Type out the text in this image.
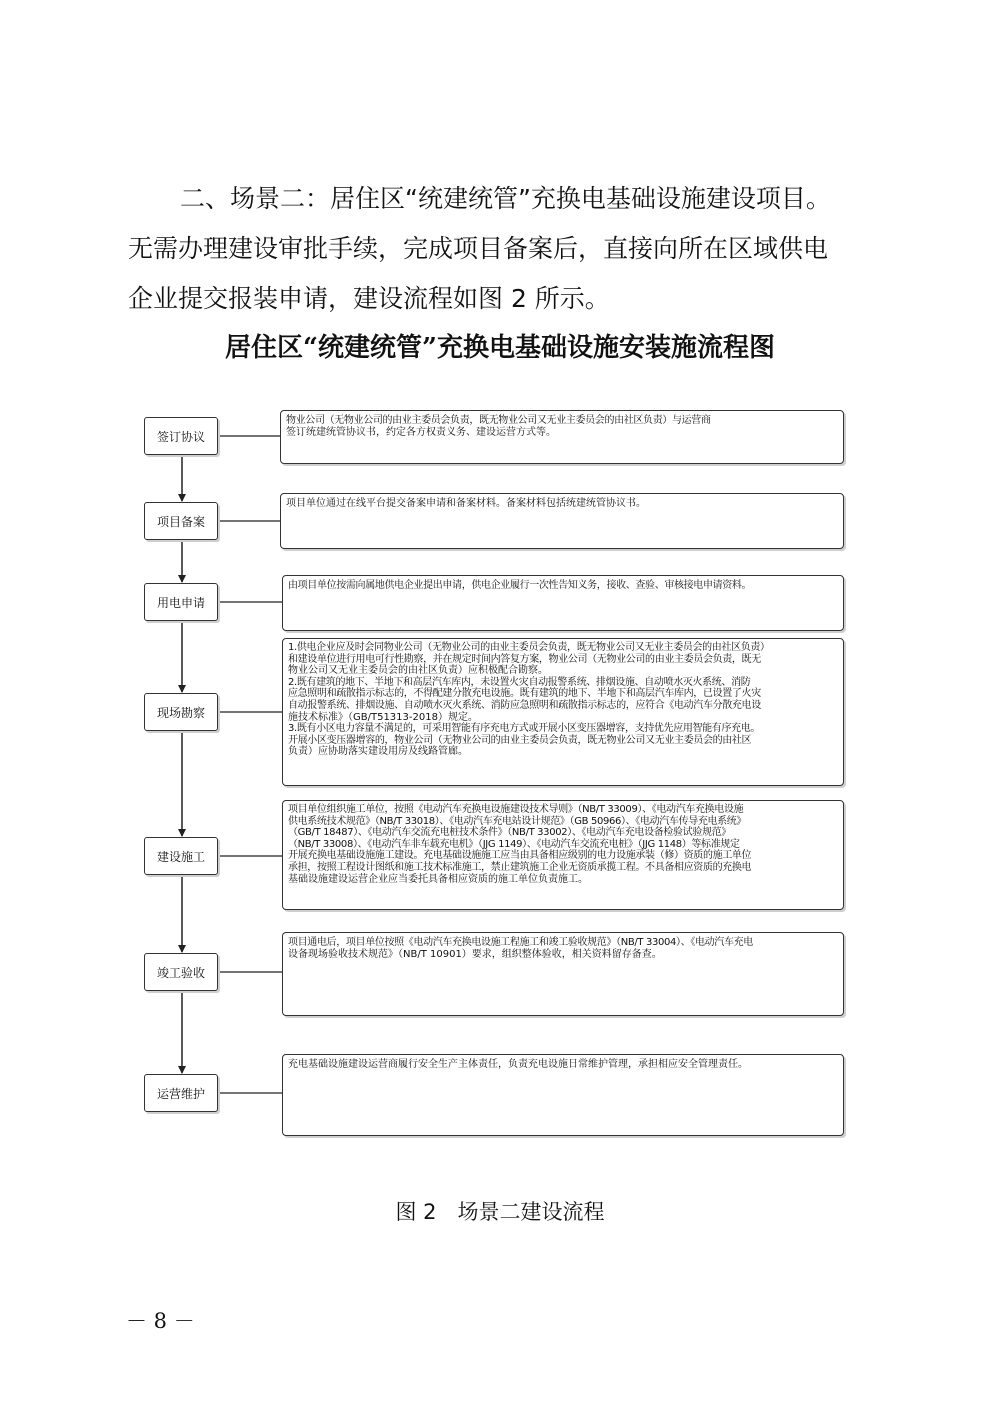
二、场景二：居住区“统建统管”充换电基础设施建设项目。
无需办理建设审批手续，完成项目备案后，直接向所在区域供电
企业提交报装申请，建设流程如图 2 所示。
居住区“统建统管”充换电基础设施安装施流程图
签订协议
项目备案
用电申请
现场勘察
建设施工
竣工验收
运营维护
物业公司（无物业公司的由业主委员会负责，既无物业公司又无业主委员会的由社区负责）与运营商
签订统建统管协议书，约定各方权责义务、建设运营方式等。
项目单位通过在线平台提交备案申请和备案材料。备案材料包括统建统管协议书。
由项目单位按需向属地供电企业提出申请，供电企业履行一次性告知义务，接收、查验、审核接电申请资料。
1.供电企业应及时会同物业公司（无物业公司的由业主委员会负责，既无物业公司又无业主委员会的由社区负责）
和建设单位进行用电可行性勘察，并在规定时间内答复方案，物业公司（无物业公司的由业主委员会负责，既无
物业公司又无业主委员会的由社区负责）应积极配合勘察。
2.既有建筑的地下、半地下和高层汽车库内，未设置火灾自动报警系统、排烟设施、自动喷水灭火系统、消防
应急照明和疏散指示标志的，不得配建分散充电设施。既有建筑的地下、半地下和高层汽车库内，已设置了火灾
自动报警系统、排烟设施、自动喷水灭火系统、消防应急照明和疏散指示标志的，应符合《电动汽车分散充电设
施技术标准》（GB/T51313-2018）规定。
3.既有小区电力容量不满足的，可采用智能有序充电方式或开展小区变压器增容，支持优先应用智能有序充电。
开展小区变压器增容的，物业公司（无物业公司的由业主委员会负责，既无物业公司又无业主委员会的由社区
负责）应协助落实建设用房及线路管廊。
项目单位组织施工单位，按照《电动汽车充换电设施建设技术导则》（NB/T 33009）、《电动汽车充换电设施
供电系统技术规范》（NB/T 33018）、《电动汽车充电站设计规范》（GB 50966）、《电动汽车传导充电系统》
（GB/T 18487）、《电动汽车交流充电桩技术条件》（NB/T 33002）、《电动汽车充电设备检验试验规范》
（NB/T 33008）、《电动汽车非车载充电机》（JJG 1149）、《电动汽车交流充电桩》（JJG 1148）等标准规定
开展充换电基础设施施工建设。充电基础设施施工应当由具备相应级别的电力设施承装（修）资质的施工单位
承担，按照工程设计图纸和施工技术标准施工，禁止建筑施工企业无资质承揽工程。不具备相应资质的充换电
基础设施建设运营企业应当委托具备相应资质的施工单位负责施工。
项目通电后，项目单位按照《电动汽车充换电设施工程施工和竣工验收规范》（NB/T 33004）、《电动汽车充电
设备现场验收技术规范》（NB/T 10901）要求，组织整体验收，相关资料留存备查。
充电基础设施建设运营商履行安全生产主体责任，负责充电设施日常维护管理，承担相应安全管理责任。
图 2　场景二建设流程
－ 8 －
